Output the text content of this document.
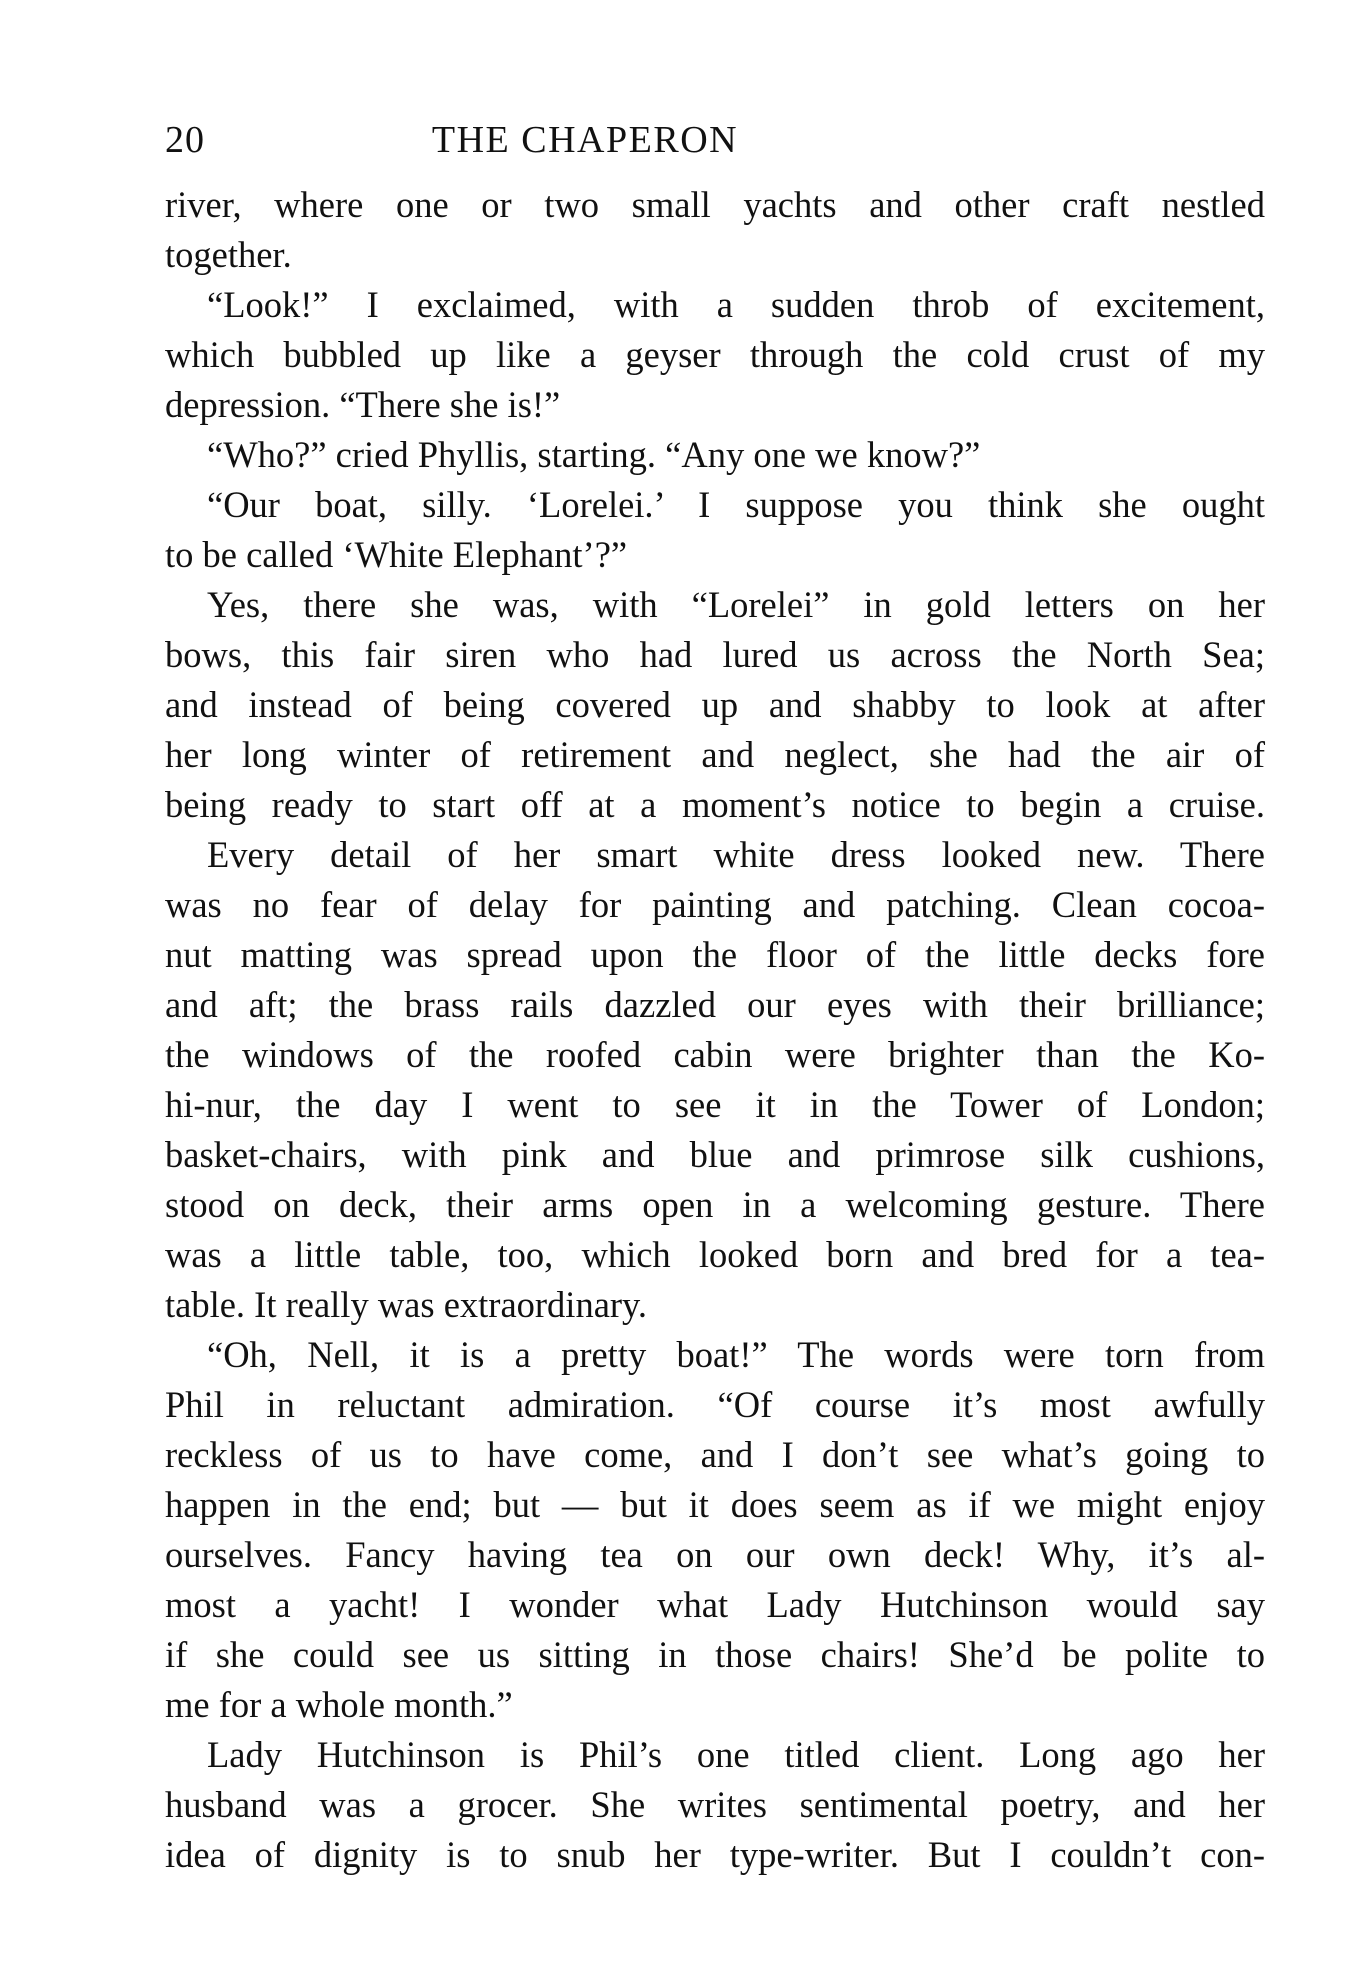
20	THE CHAPERON
river, where one or two small yachts and other craft nestled
together.
“Look!” I exclaimed, with a sudden throb of excitement,
which bubbled up like a geyser through the cold crust of my
depression. “There she is!”
“Who?” cried Phyllis, starting. “Any one we know?”
“Our boat, silly. ‘Lorelei.’ I suppose you think she ought
to be called ‘White Elephant’?”
Yes, there she was, with “Lorelei” in gold letters on her
bows, this fair siren who had lured us across the North Sea;
and instead of being covered up and shabby to look at after
her long winter of retirement and neglect, she had the air of
being ready to start off at a moment’s notice to begin a cruise.
Every detail of her smart white dress looked new. There
was no fear of delay for painting and patching. Clean cocoa-
nut matting was spread upon the floor of the little decks fore
and aft; the brass rails dazzled our eyes with their brilliance;
the windows of the roofed cabin were brighter than the Ko-
hi-nur, the day I went to see it in the Tower of London;
basket-chairs, with pink and blue and primrose silk cushions,
stood on deck, their arms open in a welcoming gesture. There
was a little table, too, which looked born and bred for a tea-
table. It really was extraordinary.
“Oh, Nell, it is a pretty boat!” The words were torn from
Phil in reluctant admiration. “Of course it’s most awfully
reckless of us to have come, and I don’t see what’s going to
happen in the end; but — but it does seem as if we might enjoy
ourselves. Fancy having tea on our own deck! Why, it’s al-
most a yacht! I wonder what Lady Hutchinson would say
if she could see us sitting in those chairs! She’d be polite to
me for a whole month.”
Lady Hutchinson is Phil’s one titled client. Long ago her
husband was a grocer. She writes sentimental poetry, and her
idea of dignity is to snub her type-writer. But I couldn’t con-
